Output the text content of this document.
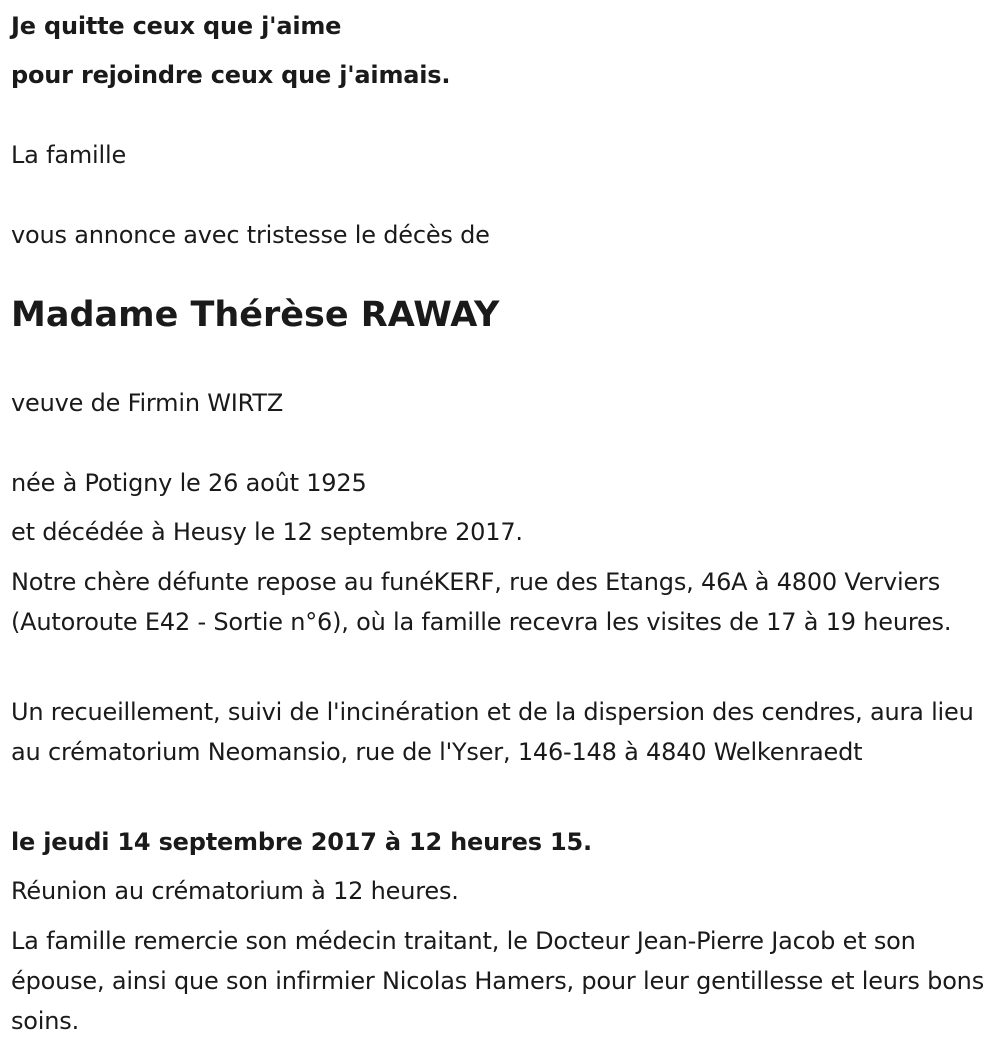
Je quitte ceux que j'aime

pour rejoindre ceux que j'aimais.

La famille

vous annonce avec tristesse le décès de

Madame Thérèse RAWAY

veuve de Firmin WIRTZ

née à Potigny le 26 août 1925

et décédée à Heusy le 12 septembre 2017.

Notre chère défunte repose au funéKERF, rue des Etangs, 46A à 4800 Verviers (Autoroute E42 - Sortie n°6), où la famille recevra les visites de 17 à 19 heures.

Un recueillement, suivi de l'incinération et de la dispersion des cendres, aura lieu au crématorium Neomansio, rue de l'Yser, 146-148 à 4840 Welkenraedt

le jeudi 14 septembre 2017 à 12 heures 15.

Réunion au crématorium à 12 heures.

La famille remercie son médecin traitant, le Docteur Jean-Pierre Jacob et son épouse, ainsi que son infirmier Nicolas Hamers, pour leur gentillesse et leurs bons soins.
